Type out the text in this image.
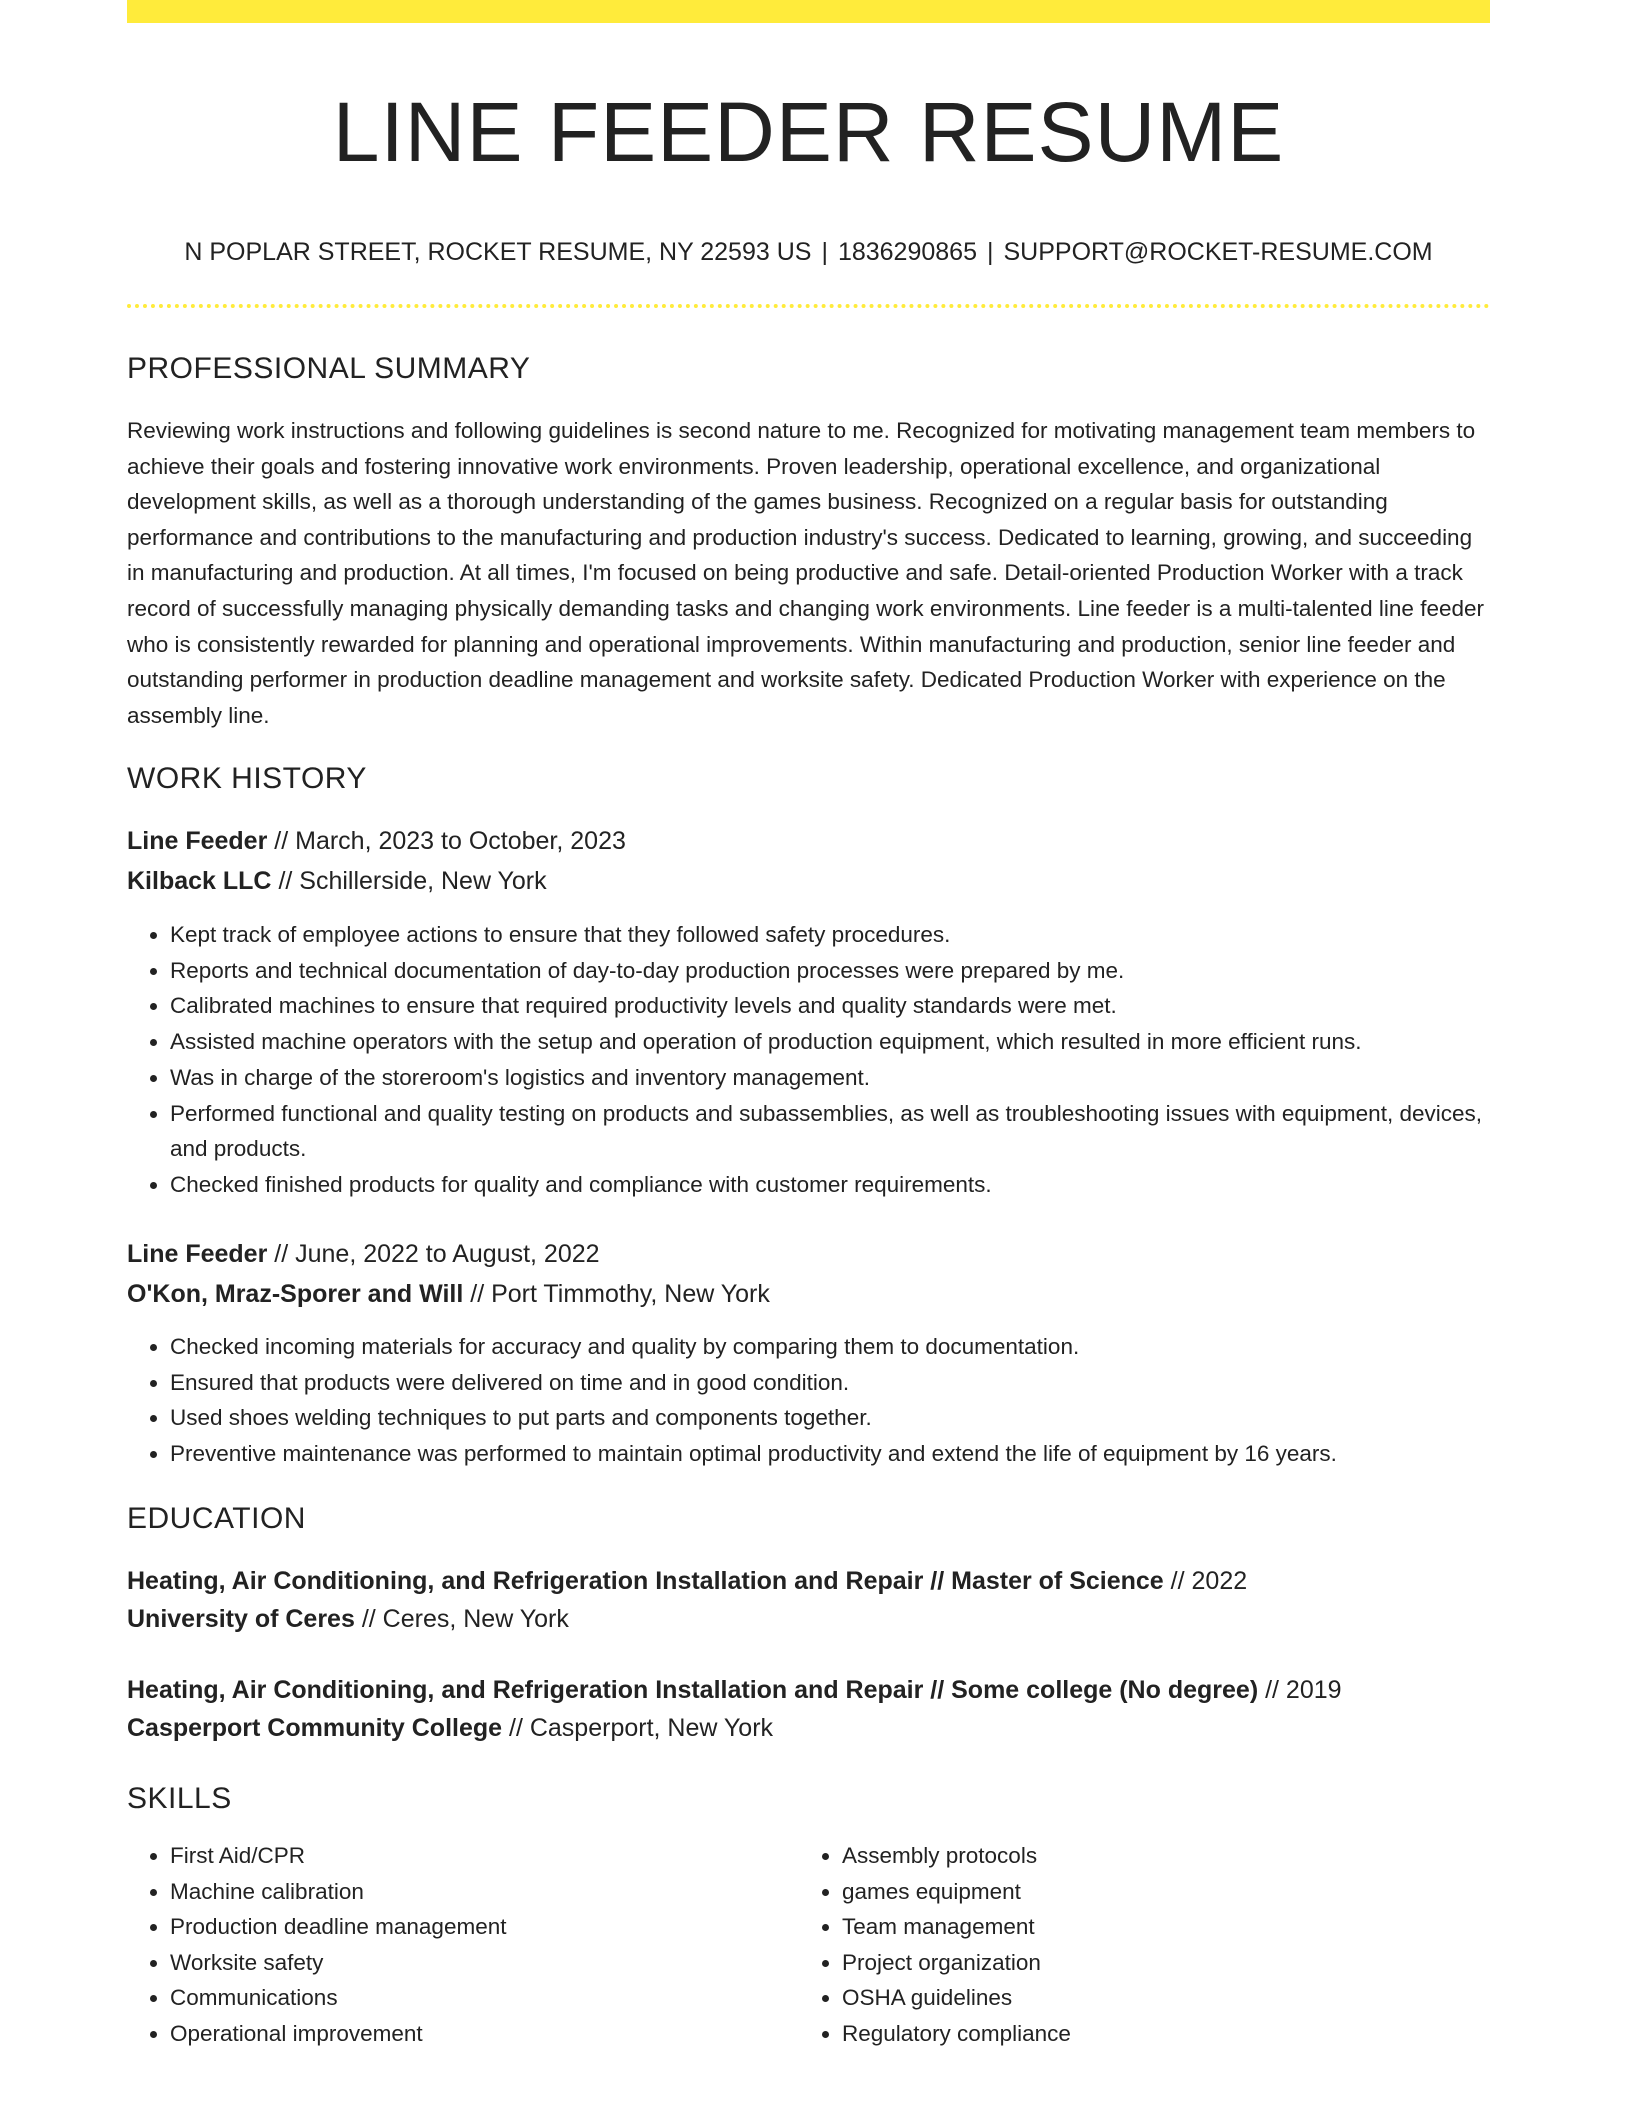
LINE FEEDER RESUME
N POPLAR STREET, ROCKET RESUME, NY 22593 US | 1836290865 | SUPPORT@ROCKET-RESUME.COM
PROFESSIONAL SUMMARY

Reviewing work instructions and following guidelines is second nature to me. Recognized for motivating management team members to achieve their goals and fostering innovative work environments. Proven leadership, operational excellence, and organizational development skills, as well as a thorough understanding of the games business. Recognized on a regular basis for outstanding performance and contributions to the manufacturing and production industry's success. Dedicated to learning, growing, and succeeding in manufacturing and production. At all times, I'm focused on being productive and safe. Detail-oriented Production Worker with a track record of successfully managing physically demanding tasks and changing work environments. Line feeder is a multi-talented line feeder who is consistently rewarded for planning and operational improvements. Within manufacturing and production, senior line feeder and outstanding performer in production deadline management and worksite safety. Dedicated Production Worker with experience on the assembly line.

WORK HISTORY
Line Feeder // March, 2023 to October, 2023
Kilback LLC // Schillerside, New York
• Kept track of employee actions to ensure that they followed safety procedures.
• Reports and technical documentation of day-to-day production processes were prepared by me.
• Calibrated machines to ensure that required productivity levels and quality standards were met.
• Assisted machine operators with the setup and operation of production equipment, which resulted in more efficient runs.
• Was in charge of the storeroom's logistics and inventory management.
• Performed functional and quality testing on products and subassemblies, as well as troubleshooting issues with equipment, devices, and products.
• Checked finished products for quality and compliance with customer requirements.
Line Feeder // June, 2022 to August, 2022
O'Kon, Mraz-Sporer and Will // Port Timmothy, New York
• Checked incoming materials for accuracy and quality by comparing them to documentation.
• Ensured that products were delivered on time and in good condition.
• Used shoes welding techniques to put parts and components together.
• Preventive maintenance was performed to maintain optimal productivity and extend the life of equipment by 16 years.
EDUCATION
Heating, Air Conditioning, and Refrigeration Installation and Repair // Master of Science // 2022
University of Ceres // Ceres, New York
Heating, Air Conditioning, and Refrigeration Installation and Repair // Some college (No degree) // 2019
Casperport Community College // Casperport, New York
SKILLS
• First Aid/CPR
• Machine calibration
• Production deadline management
• Worksite safety
• Communications
• Operational improvement
• Assembly protocols
• games equipment
• Team management
• Project organization
• OSHA guidelines
• Regulatory compliance
